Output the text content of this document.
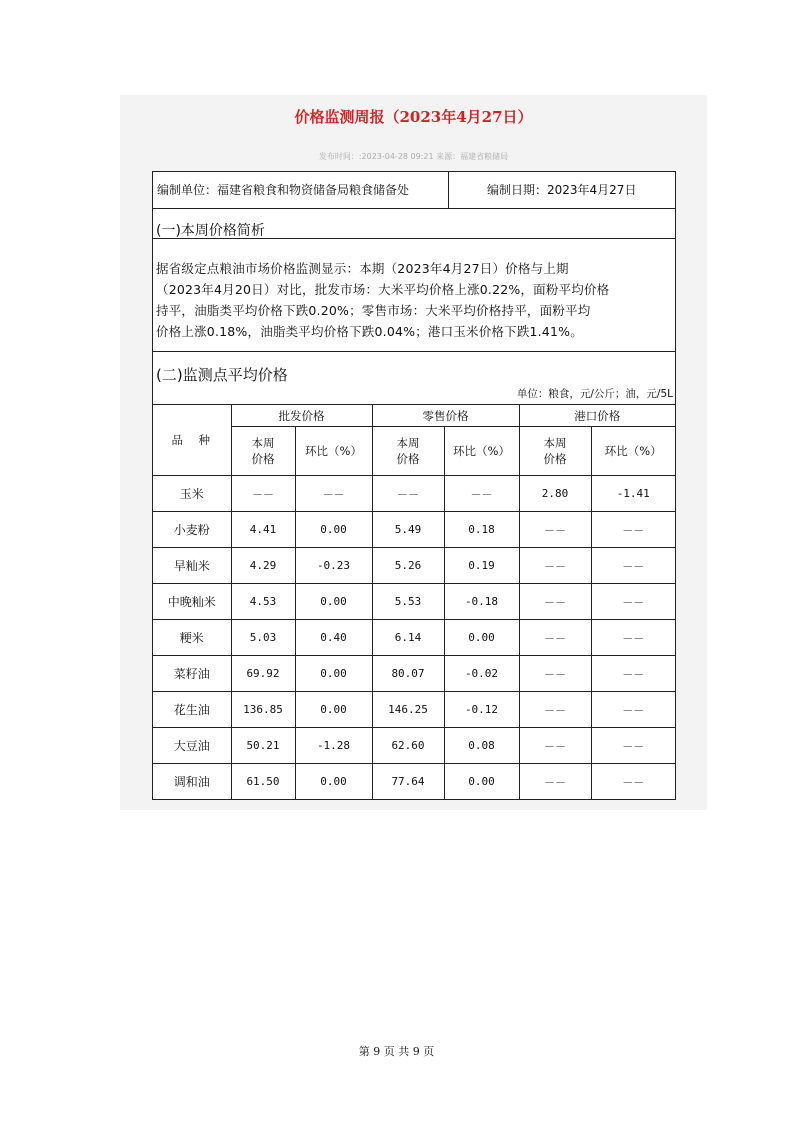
价格监测周报（2023年4月27日）
发布时间：:2023-04-28 09:21 来源：福建省粮储局
编制单位：福建省粮食和物资储备局粮食储备处	编制日期：2023年4月27日
(一)本周价格简析
据省级定点粮油市场价格监测显示：本期（2023年4月27日）价格与上期
（2023年4月20日）对比，批发市场：大米平均价格上涨0.22%，面粉平均价格
持平，油脂类平均价格下跌0.20%；零售市场：大米平均价格持平，面粉平均
价格上涨0.18%，油脂类平均价格下跌0.04%；港口玉米价格下跌1.41%。
(二)监测点平均价格
单位：粮食，元/公斤；油，元/5L
品　种	批发价格		零售价格		港口价格	
	本周
价格	环比（%）	本周
价格	环比（%）	本周
价格	环比（%）
玉米	－－	－－	－－	－－	2.80	-1.41
小麦粉	4.41	0.00	5.49	0.18	－－	－－
早籼米	4.29	-0.23	5.26	0.19	－－	－－
中晚籼米	4.53	0.00	5.53	-0.18	－－	－－
粳米	5.03	0.40	6.14	0.00	－－	－－
菜籽油	69.92	0.00	80.07	-0.02	－－	－－
花生油	136.85	0.00	146.25	-0.12	－－	－－
大豆油	50.21	-1.28	62.60	0.08	－－	－－
调和油	61.50	0.00	77.64	0.00	－－	－－
第 9 页 共 9 页
